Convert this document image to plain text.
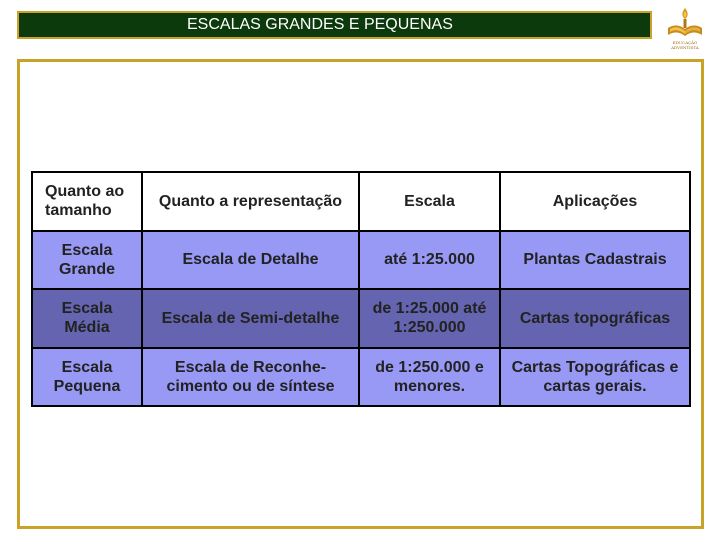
ESCALAS GRANDES E PEQUENAS
EDUCAÇÃO
ADVENTISTA
Quanto ao tamanho	Quanto a representação	Escala	Aplicações
Escala Grande	Escala de Detalhe	até 1:25.000	Plantas Cadastrais
Escala Média	Escala de Semi-detalhe	de 1:25.000 até 1:250.000	Cartas topográficas
Escala Pequena	Escala de Reconhe-cimento ou de síntese	de 1:250.000 e menores.	Cartas Topográficas e cartas gerais.
